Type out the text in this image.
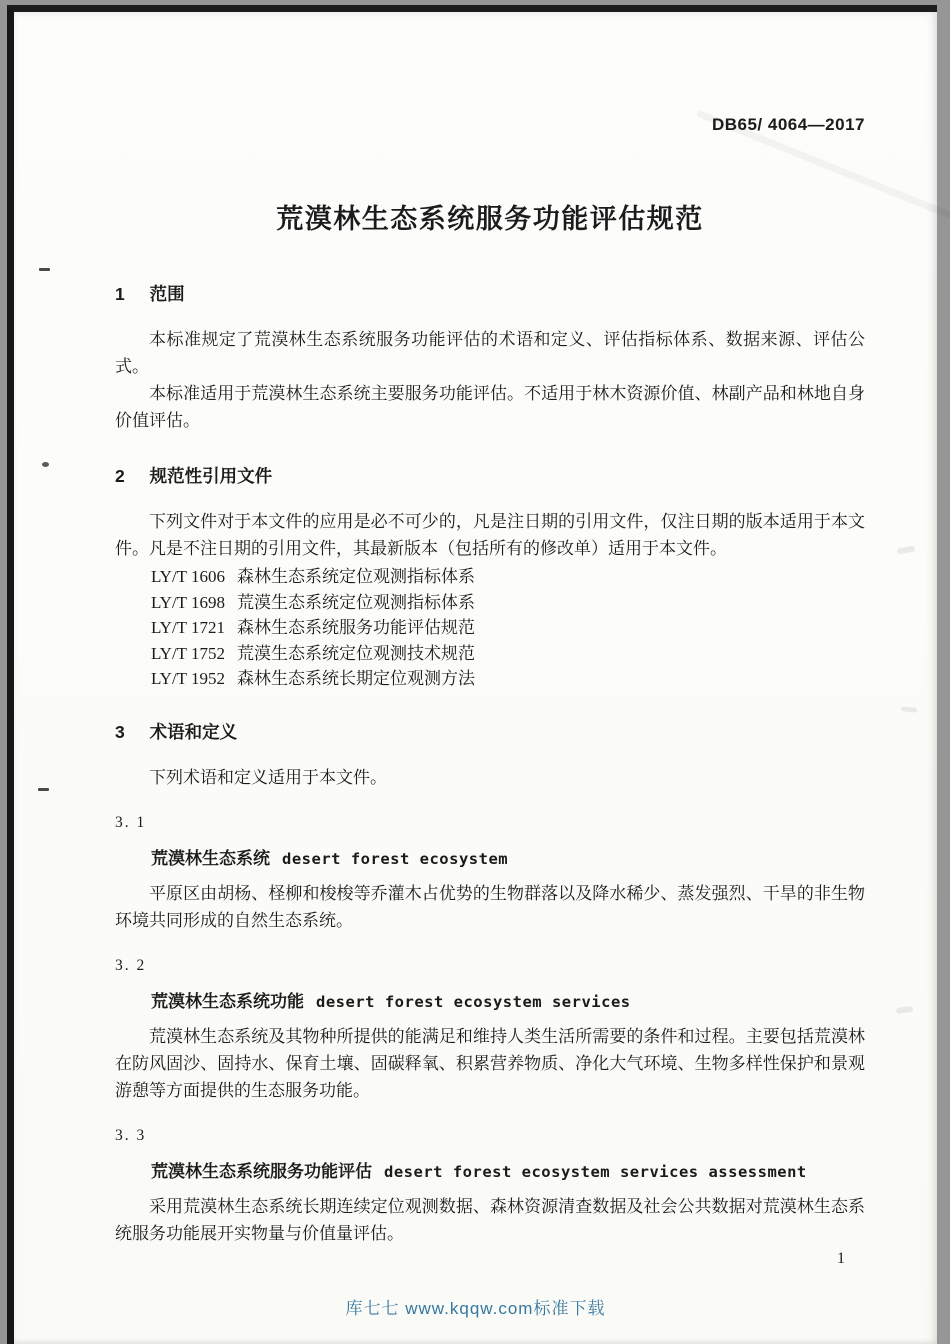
DB65/ 4064—2017
荒漠林生态系统服务功能评估规范
1 范围

本标准规定了荒漠林生态系统服务功能评估的术语和定义、评估指标体系、数据来源、评估公式。

本标准适用于荒漠林生态系统主要服务功能评估。不适用于林木资源价值、林副产品和林地自身价值评估。

2 规范性引用文件

下列文件对于本文件的应用是必不可少的，凡是注日期的引用文件，仅注日期的版本适用于本文件。凡是不注日期的引用文件，其最新版本（包括所有的修改单）适用于本文件。

LY/T 1606 森林生态系统定位观测指标体系
LY/T 1698 荒漠生态系统定位观测指标体系
LY/T 1721 森林生态系统服务功能评估规范
LY/T 1752 荒漠生态系统定位观测技术规范
LY/T 1952 森林生态系统长期定位观测方法
3 术语和定义

下列术语和定义适用于本文件。

3. 1
荒漠林生态系统 desert forest ecosystem

平原区由胡杨、柽柳和梭梭等乔灌木占优势的生物群落以及降水稀少、蒸发强烈、干旱的非生物环境共同形成的自然生态系统。

3. 2
荒漠林生态系统功能 desert forest ecosystem services

荒漠林生态系统及其物种所提供的能满足和维持人类生活所需要的条件和过程。主要包括荒漠林在防风固沙、固持水、保育土壤、固碳释氧、积累营养物质、净化大气环境、生物多样性保护和景观游憩等方面提供的生态服务功能。

3. 3
荒漠林生态系统服务功能评估 desert forest ecosystem services assessment

采用荒漠林生态系统长期连续定位观测数据、森林资源清查数据及社会公共数据对荒漠林生态系统服务功能展开实物量与价值量评估。

1
库七七 www.kqqw.com标准下载
